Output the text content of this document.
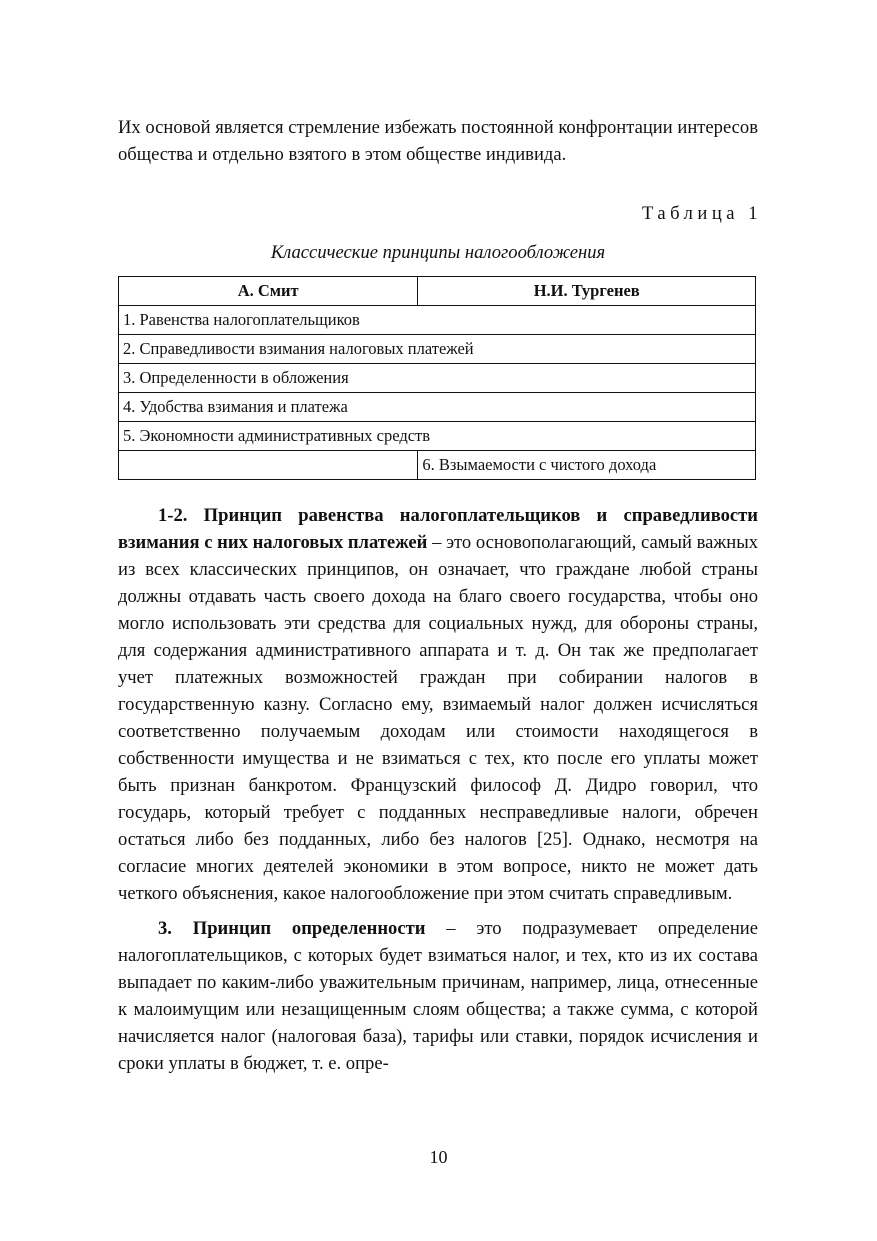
Их основой является стремление избежать постоянной конфронтации интересов общества и отдельно взятого в этом обществе индивида.

Таблица 1
Классические принципы налогообложения
А. Смит	Н.И. Тургенев
1. Равенства налогоплательщиков	
2. Справедливости взимания налоговых платежей	
3. Определенности в обложения	
4. Удобства взимания и платежа	
5. Экономности административных средств	
	6. Взымаемости с чистого дохода

1-2. Принцип равенства налогоплательщиков и справедливости взимания с них налоговых платежей – это основополагающий, самый важных из всех классических принципов, он означает, что граждане любой страны должны отдавать часть своего дохода на благо своего государства, чтобы оно могло использовать эти средства для социальных нужд, для обороны страны, для содержания административного аппарата и т. д. Он так же предполагает учет платежных возможностей граждан при собирании налогов в государственную казну. Согласно ему, взимаемый налог должен исчисляться соответственно получаемым доходам или стоимости находящегося в собственности имущества и не взиматься с тех, кто после его уплаты может быть признан банкротом. Французский философ Д. Дидро говорил, что государь, который требует с подданных несправедливые налоги, обречен остаться либо без подданных, либо без налогов [25]. Однако, несмотря на согласие многих деятелей экономики в этом вопросе, никто не может дать четкого объяснения, какое налогообложение при этом считать справедливым.

3. Принцип определенности – это подразумевает определение налогоплательщиков, с которых будет взиматься налог, и тех, кто из их состава выпадает по каким-либо уважительным причинам, например, лица, отнесенные к малоимущим или незащищенным слоям общества; а также сумма, с которой начисляется налог (налоговая база), тарифы или ставки, порядок исчисления и сроки уплаты в бюджет, т. е. опре-

10
